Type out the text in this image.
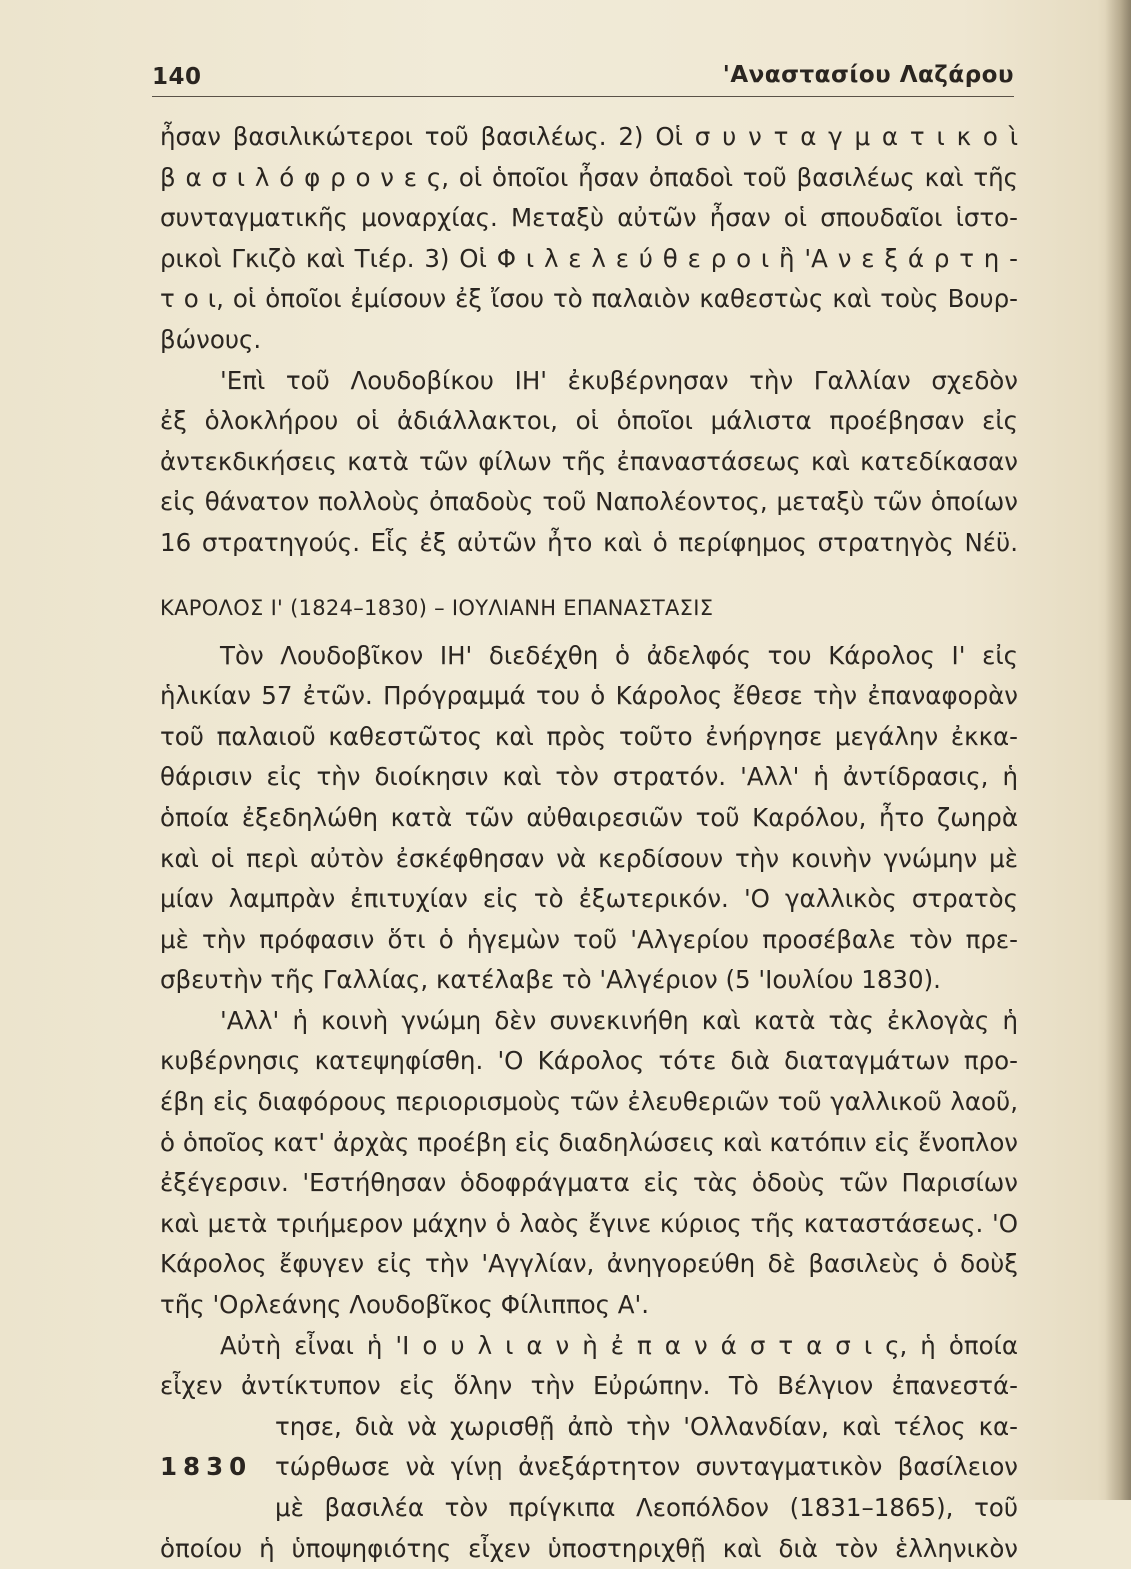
140	'Αναστασίου Λαζάρου
ἦσαν βασιλικώτεροι τοῦ βασιλέως. 2) Οἱ σ υ ν τ α γ μ α τ ι κ ο ὶ
β α σ ι λ ό φ ρ ο ν ε ς, οἱ ὁποῖοι ἦσαν ὀπαδοὶ τοῦ βασιλέως καὶ τῆς
συνταγματικῆς μοναρχίας. Μεταξὺ αὐτῶν ἦσαν οἱ σπουδαῖοι ἱστο-
ρικοὶ Γκιζὸ καὶ Τιέρ. 3) Οἱ Φ ι λ ε λ ε ύ θ ε ρ ο ι ἢ 'Α ν ε ξ ά ρ τ η -
τ ο ι, οἱ ὁποῖοι ἐμίσουν ἐξ ἴσου τὸ παλαιὸν καθεστὼς καὶ τοὺς Βουρ-
βώνους.
'Επὶ τοῦ Λουδοβίκου ΙΗ' ἐκυβέρνησαν τὴν Γαλλίαν σχεδὸν
ἐξ ὁλοκλήρου οἱ ἀδιάλλακτοι, οἱ ὁποῖοι μάλιστα προέβησαν εἰς
ἀντεκδικήσεις κατὰ τῶν φίλων τῆς ἐπαναστάσεως καὶ κατεδίκασαν
εἰς θάνατον πολλοὺς ὀπαδοὺς τοῦ Ναπολέοντος, μεταξὺ τῶν ὁποίων
16 στρατηγούς. Εἷς ἐξ αὐτῶν ἦτο καὶ ὁ περίφημος στρατηγὸς Νέϋ.
ΚΑΡΟΛΟΣ Ι' (1824–1830) – ΙΟΥΛΙΑΝΗ ΕΠΑΝΑΣΤΑΣΙΣ
Τὸν Λουδοβῖκον ΙΗ' διεδέχθη ὁ ἀδελφός του Κάρολος Ι' εἰς
ἡλικίαν 57 ἐτῶν. Πρόγραμμά του ὁ Κάρολος ἔθεσε τὴν ἐπαναφορὰν
τοῦ παλαιοῦ καθεστῶτος καὶ πρὸς τοῦτο ἐνήργησε μεγάλην ἐκκα-
θάρισιν εἰς τὴν διοίκησιν καὶ τὸν στρατόν. 'Αλλ' ἡ ἀντίδρασις, ἡ
ὁποία ἐξεδηλώθη κατὰ τῶν αὐθαιρεσιῶν τοῦ Καρόλου, ἦτο ζωηρὰ
καὶ οἱ περὶ αὐτὸν ἐσκέφθησαν νὰ κερδίσουν τὴν κοινὴν γνώμην μὲ
μίαν λαμπρὰν ἐπιτυχίαν εἰς τὸ ἐξωτερικόν. 'Ο γαλλικὸς στρατὸς
μὲ τὴν πρόφασιν ὅτι ὁ ἡγεμὼν τοῦ 'Αλγερίου προσέβαλε τὸν πρε-
σβευτὴν τῆς Γαλλίας, κατέλαβε τὸ 'Αλγέριον (5 'Ιουλίου 1830).
'Αλλ' ἡ κοινὴ γνώμη δὲν συνεκινήθη καὶ κατὰ τὰς ἐκλογὰς ἡ
κυβέρνησις κατεψηφίσθη. 'Ο Κάρολος τότε διὰ διαταγμάτων προ-
έβη εἰς διαφόρους περιορισμοὺς τῶν ἐλευθεριῶν τοῦ γαλλικοῦ λαοῦ,
ὁ ὁποῖος κατ' ἀρχὰς προέβη εἰς διαδηλώσεις καὶ κατόπιν εἰς ἔνοπλον
ἐξέγερσιν. 'Εστήθησαν ὁδοφράγματα εἰς τὰς ὁδοὺς τῶν Παρισίων
καὶ μετὰ τριήμερον μάχην ὁ λαὸς ἔγινε κύριος τῆς καταστάσεως. 'Ο
Κάρολος ἔφυγεν εἰς τὴν 'Αγγλίαν, ἀνηγορεύθη δὲ βασιλεὺς ὁ δοὺξ
τῆς 'Ορλεάνης Λουδοβῖκος Φίλιππος Α'.
Αὐτὴ εἶναι ἡ 'Ι ο υ λ ι α ν ὴ ἐ π α ν ά σ τ α σ ι ς, ἡ ὁποία
εἶχεν ἀντίκτυπον εἰς ὅλην τὴν Εὐρώπην. Τὸ Βέλγιον ἐπανεστά-
τησε, διὰ νὰ χωρισθῇ ἀπὸ τὴν 'Ολλανδίαν, καὶ τέλος κα-
1830 τώρθωσε νὰ γίνῃ ἀνεξάρτητον συνταγματικὸν βασίλειον
μὲ βασιλέα τὸν πρίγκιπα Λεοπόλδον (1831–1865), τοῦ
ὁποίου ἡ ὑποψηφιότης εἶχεν ὑποστηριχθῇ καὶ διὰ τὸν ἑλληνικὸν
